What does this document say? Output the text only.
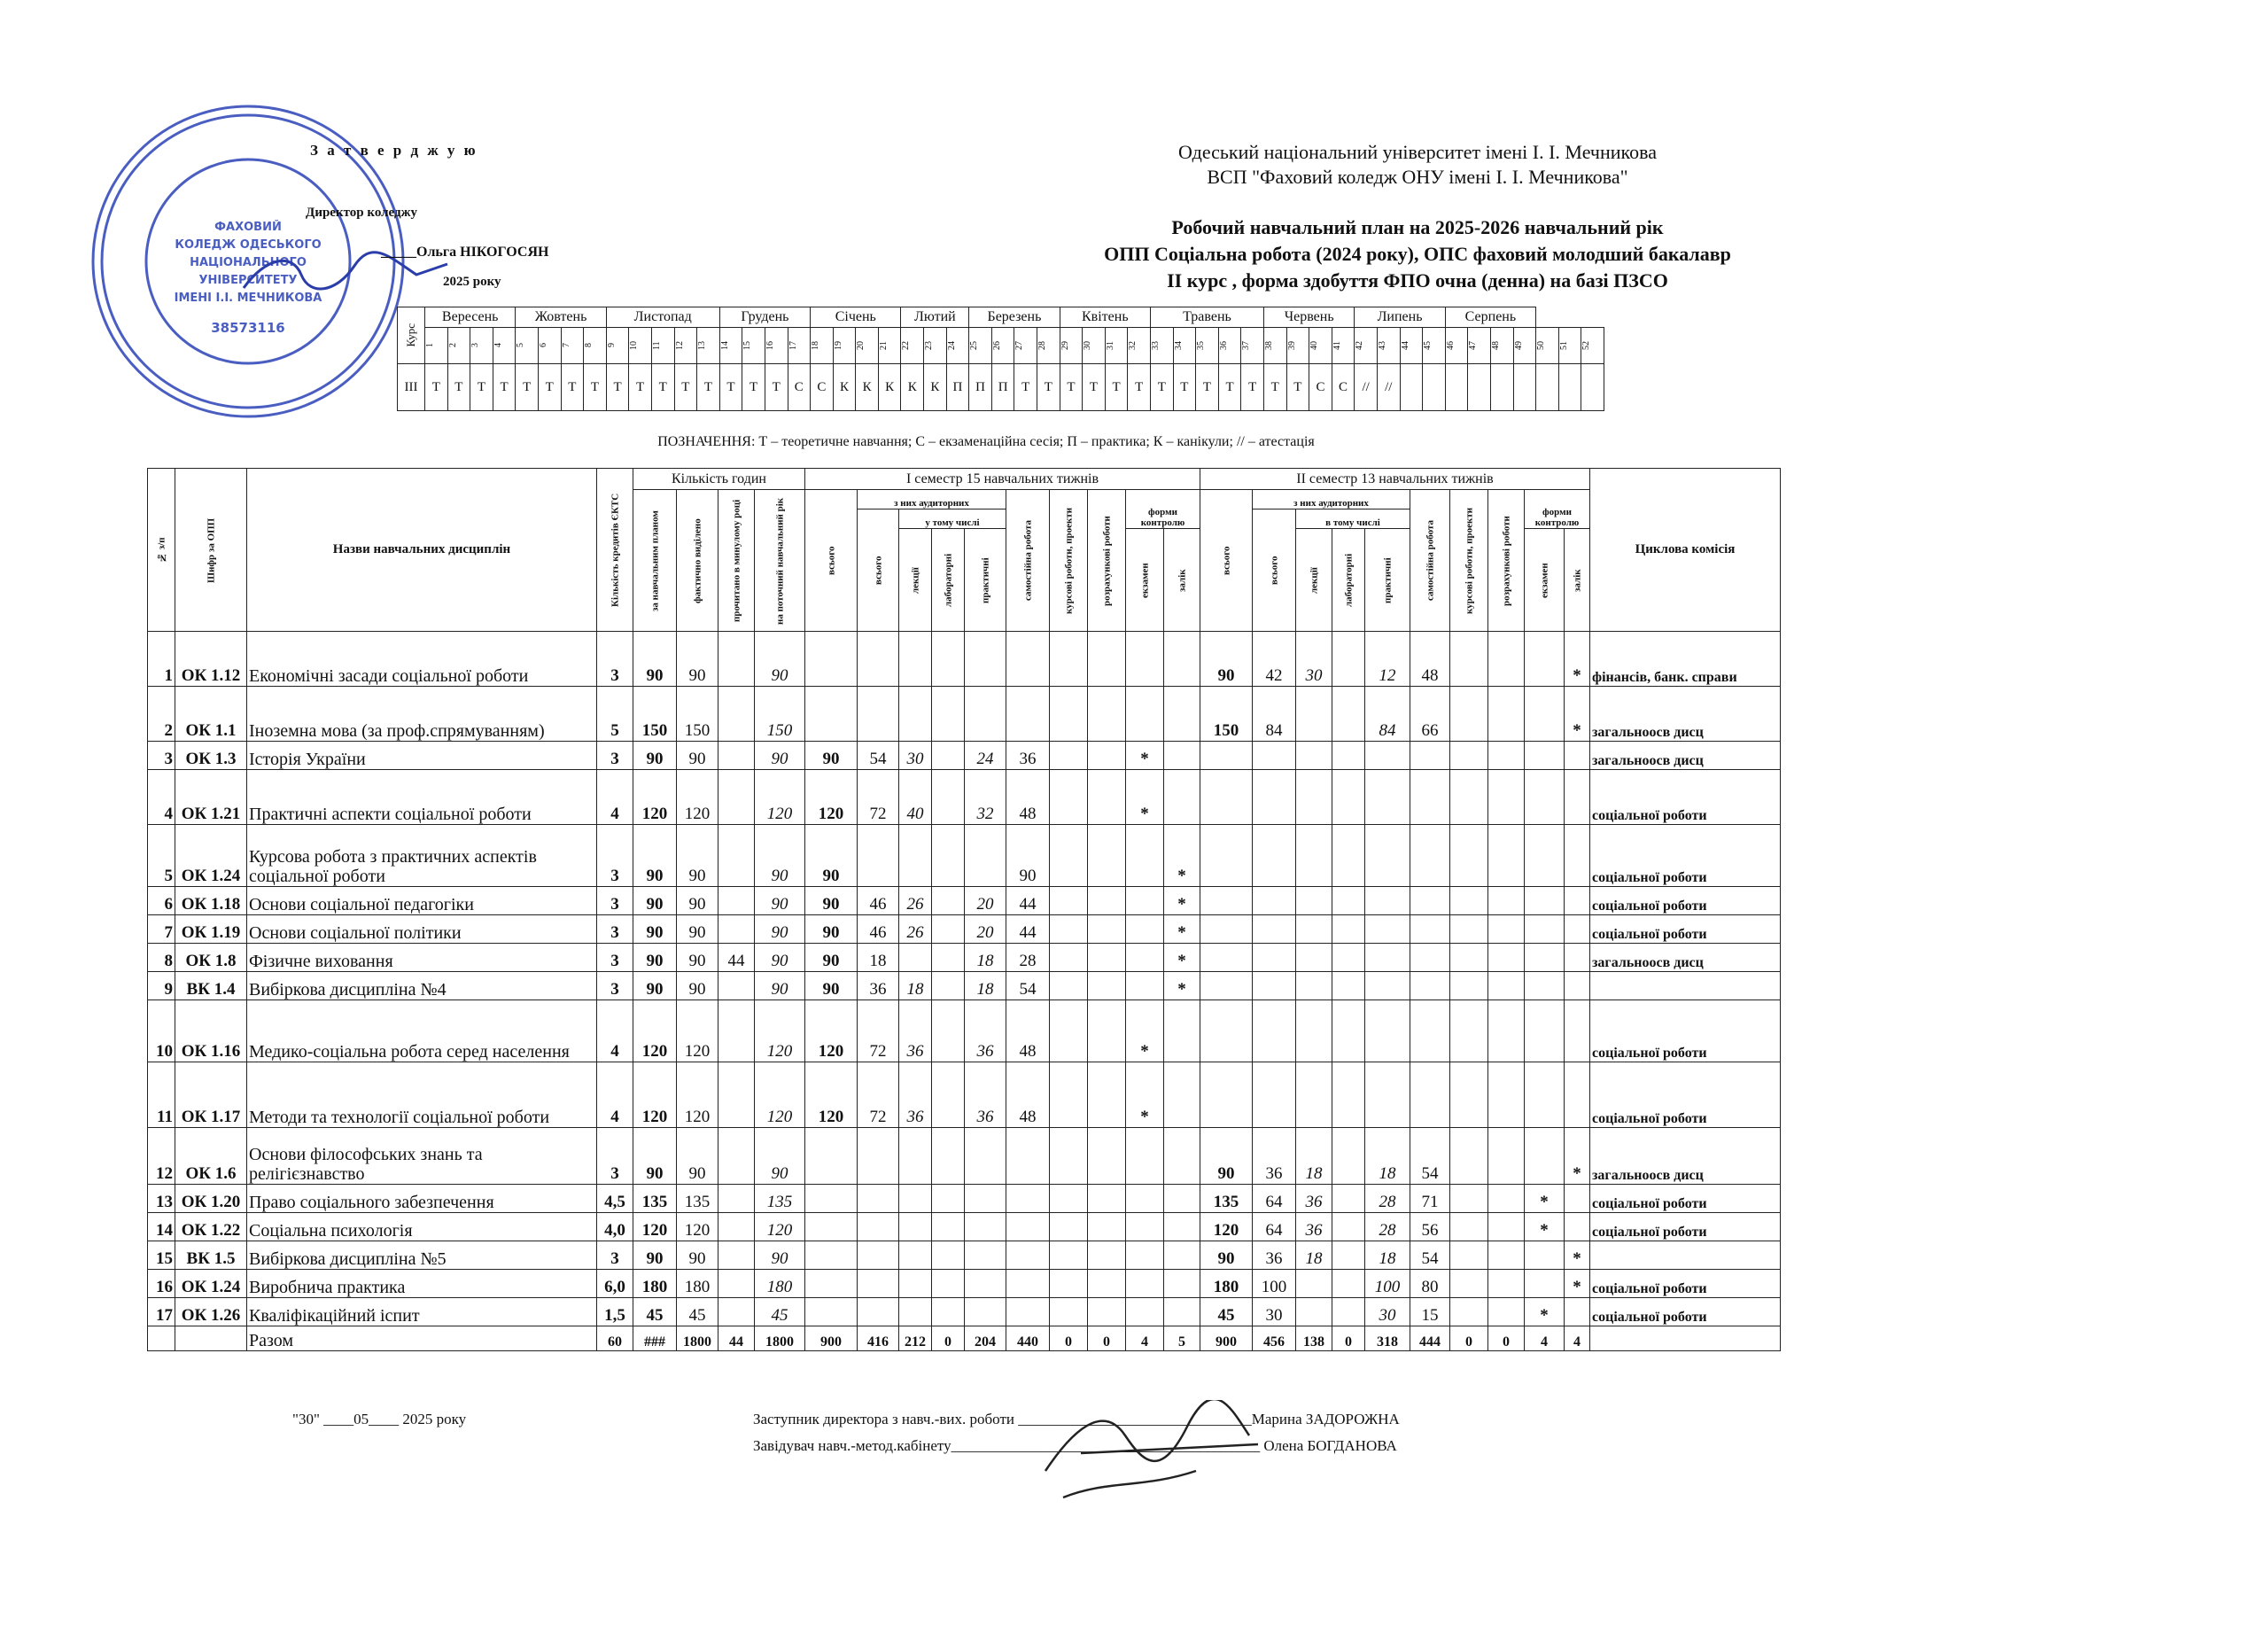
ФАХОВИЙ
КОЛЕДЖ ОДЕСЬКОГО
НАЦІОНАЛЬНОГО
УНІВЕРСИТЕТУ
ІМЕНІ І.І. МЕЧНИКОВА
38573116
З а т в е р д ж у ю
Директор коледжу
_____Ольга НІКОГОСЯН
2025 року
Одеський національний університет імені І. І. Мечникова
ВСП "Фаховий коледж ОНУ імені І. І. Мечникова"
Робочий навчальний план на 2025-2026 навчальний рік
ОПП Соціальна робота (2024 року), ОПС фаховий молодший бакалавр
ІІ курс , форма здобуття ФПО очна (денна) на базі ПЗСО
Курс	Вересень				Жовтень				Листопад					Грудень				Січень				Лютий			Березень				Квітень				Травень					Червень				Липень				Серпень						

	1	2	3	4	5	6	7	8	9	10	11	12	13	14	15	16	17	18	19	20	21	22	23	24	25	26	27	28	29	30	31	32	33	34	35	36	37	38	39	40	41	42	43	44	45	46	47	48	49	50	51	52

ІІІ	Т	Т	Т	Т	Т	Т	Т	Т	Т	Т	Т	Т	Т	Т	Т	Т	С	С	К	К	К	К	К	П	П	П	Т	Т	Т	Т	Т	Т	Т	Т	Т	Т	Т	Т	Т	С	С	//	//									
ПОЗНАЧЕННЯ: Т – теоретичне навчання; С – екзаменаційна сесія; П – практика; К – канікули; // – атестація
№ з/п	Шифр за ОПП	Назви навчальних дисциплін	Кількість кредитів ЄКТС	Кількість годин				І семестр 15 навчальних тижнів										ІІ семестр 13 навчальних тижнів										Циклова комісія
				за навчальним планом	фактично виділено	прочитано в минулому році	на поточний навчальний рік	всього	з них аудиторних				самостійна робота	курсові роботи, проекти	розрахункові роботи	форми контролю		всього	з них аудиторних				самостійна робота	курсові роботи, проекти	розрахункові роботи	форми контролю		
									всього	у тому числі									всього	в тому числі								
										лекції	лабораторні	практичні				екзамен	залік			лекції	лабораторні	практичні				екзамен	залік	
1	ОК 1.12	Економічні засади соціальної роботи	3	90	90		90											90	42	30		12	48				*	фінансів, банк. справи
2	ОК 1.1	Іноземна мова (за проф.спрямуванням)	5	150	150		150											150	84			84	66				*	загальноосв дисц
3	ОК 1.3	Історія України	3	90	90		90	90	54	30		24	36			*												загальноосв дисц
4	ОК 1.21	Практичні аспекти соціальної роботи	4	120	120		120	120	72	40		32	48			*												соціальної роботи
5	ОК 1.24	Курсова робота з практичних аспектів соціальної роботи	3	90	90		90	90					90				*											соціальної роботи
6	ОК 1.18	Основи соціальної педагогіки	3	90	90		90	90	46	26		20	44				*											соціальної роботи
7	ОК 1.19	Основи соціальної політики	3	90	90		90	90	46	26		20	44				*											соціальної роботи
8	ОК 1.8	Фізичне виховання	3	90	90	44	90	90	18			18	28				*											загальноосв дисц
9	ВК 1.4	Вибіркова дисципліна №4	3	90	90		90	90	36	18		18	54				*											
10	ОК 1.16	Медико-соціальна робота серед населення	4	120	120		120	120	72	36		36	48			*												соціальної роботи
11	ОК 1.17	Методи та технології соціальної роботи	4	120	120		120	120	72	36		36	48			*												соціальної роботи
12	ОК 1.6	Основи філософських знань та релігієзнавство	3	90	90		90											90	36	18		18	54				*	загальноосв дисц
13	ОК 1.20	Право соціального забезпечення	4,5	135	135		135											135	64	36		28	71			*		соціальної роботи
14	ОК 1.22	Соціальна психологія	4,0	120	120		120											120	64	36		28	56			*		соціальної роботи
15	ВК 1.5	Вибіркова дисципліна №5	3	90	90		90											90	36	18		18	54				*	
16	ОК 1.24	Виробнича практика	6,0	180	180		180											180	100			100	80				*	соціальної роботи
17	ОК 1.26	Кваліфікаційний іспит	1,5	45	45		45											45	30			30	15			*		соціальної роботи
		Разом	60	###	1800	44	1800	900	416	212	0	204	440	0	0	4	5	900	456	138	0	318	444	0	0	4	4	
"30" ____05____ 2025 року	Заступник директора з навч.-вих. роботи _______________________________Марина ЗАДОРОЖНА
Завідувач навч.-метод.кабінету_________________________________________ Олена БОГДАНОВА
